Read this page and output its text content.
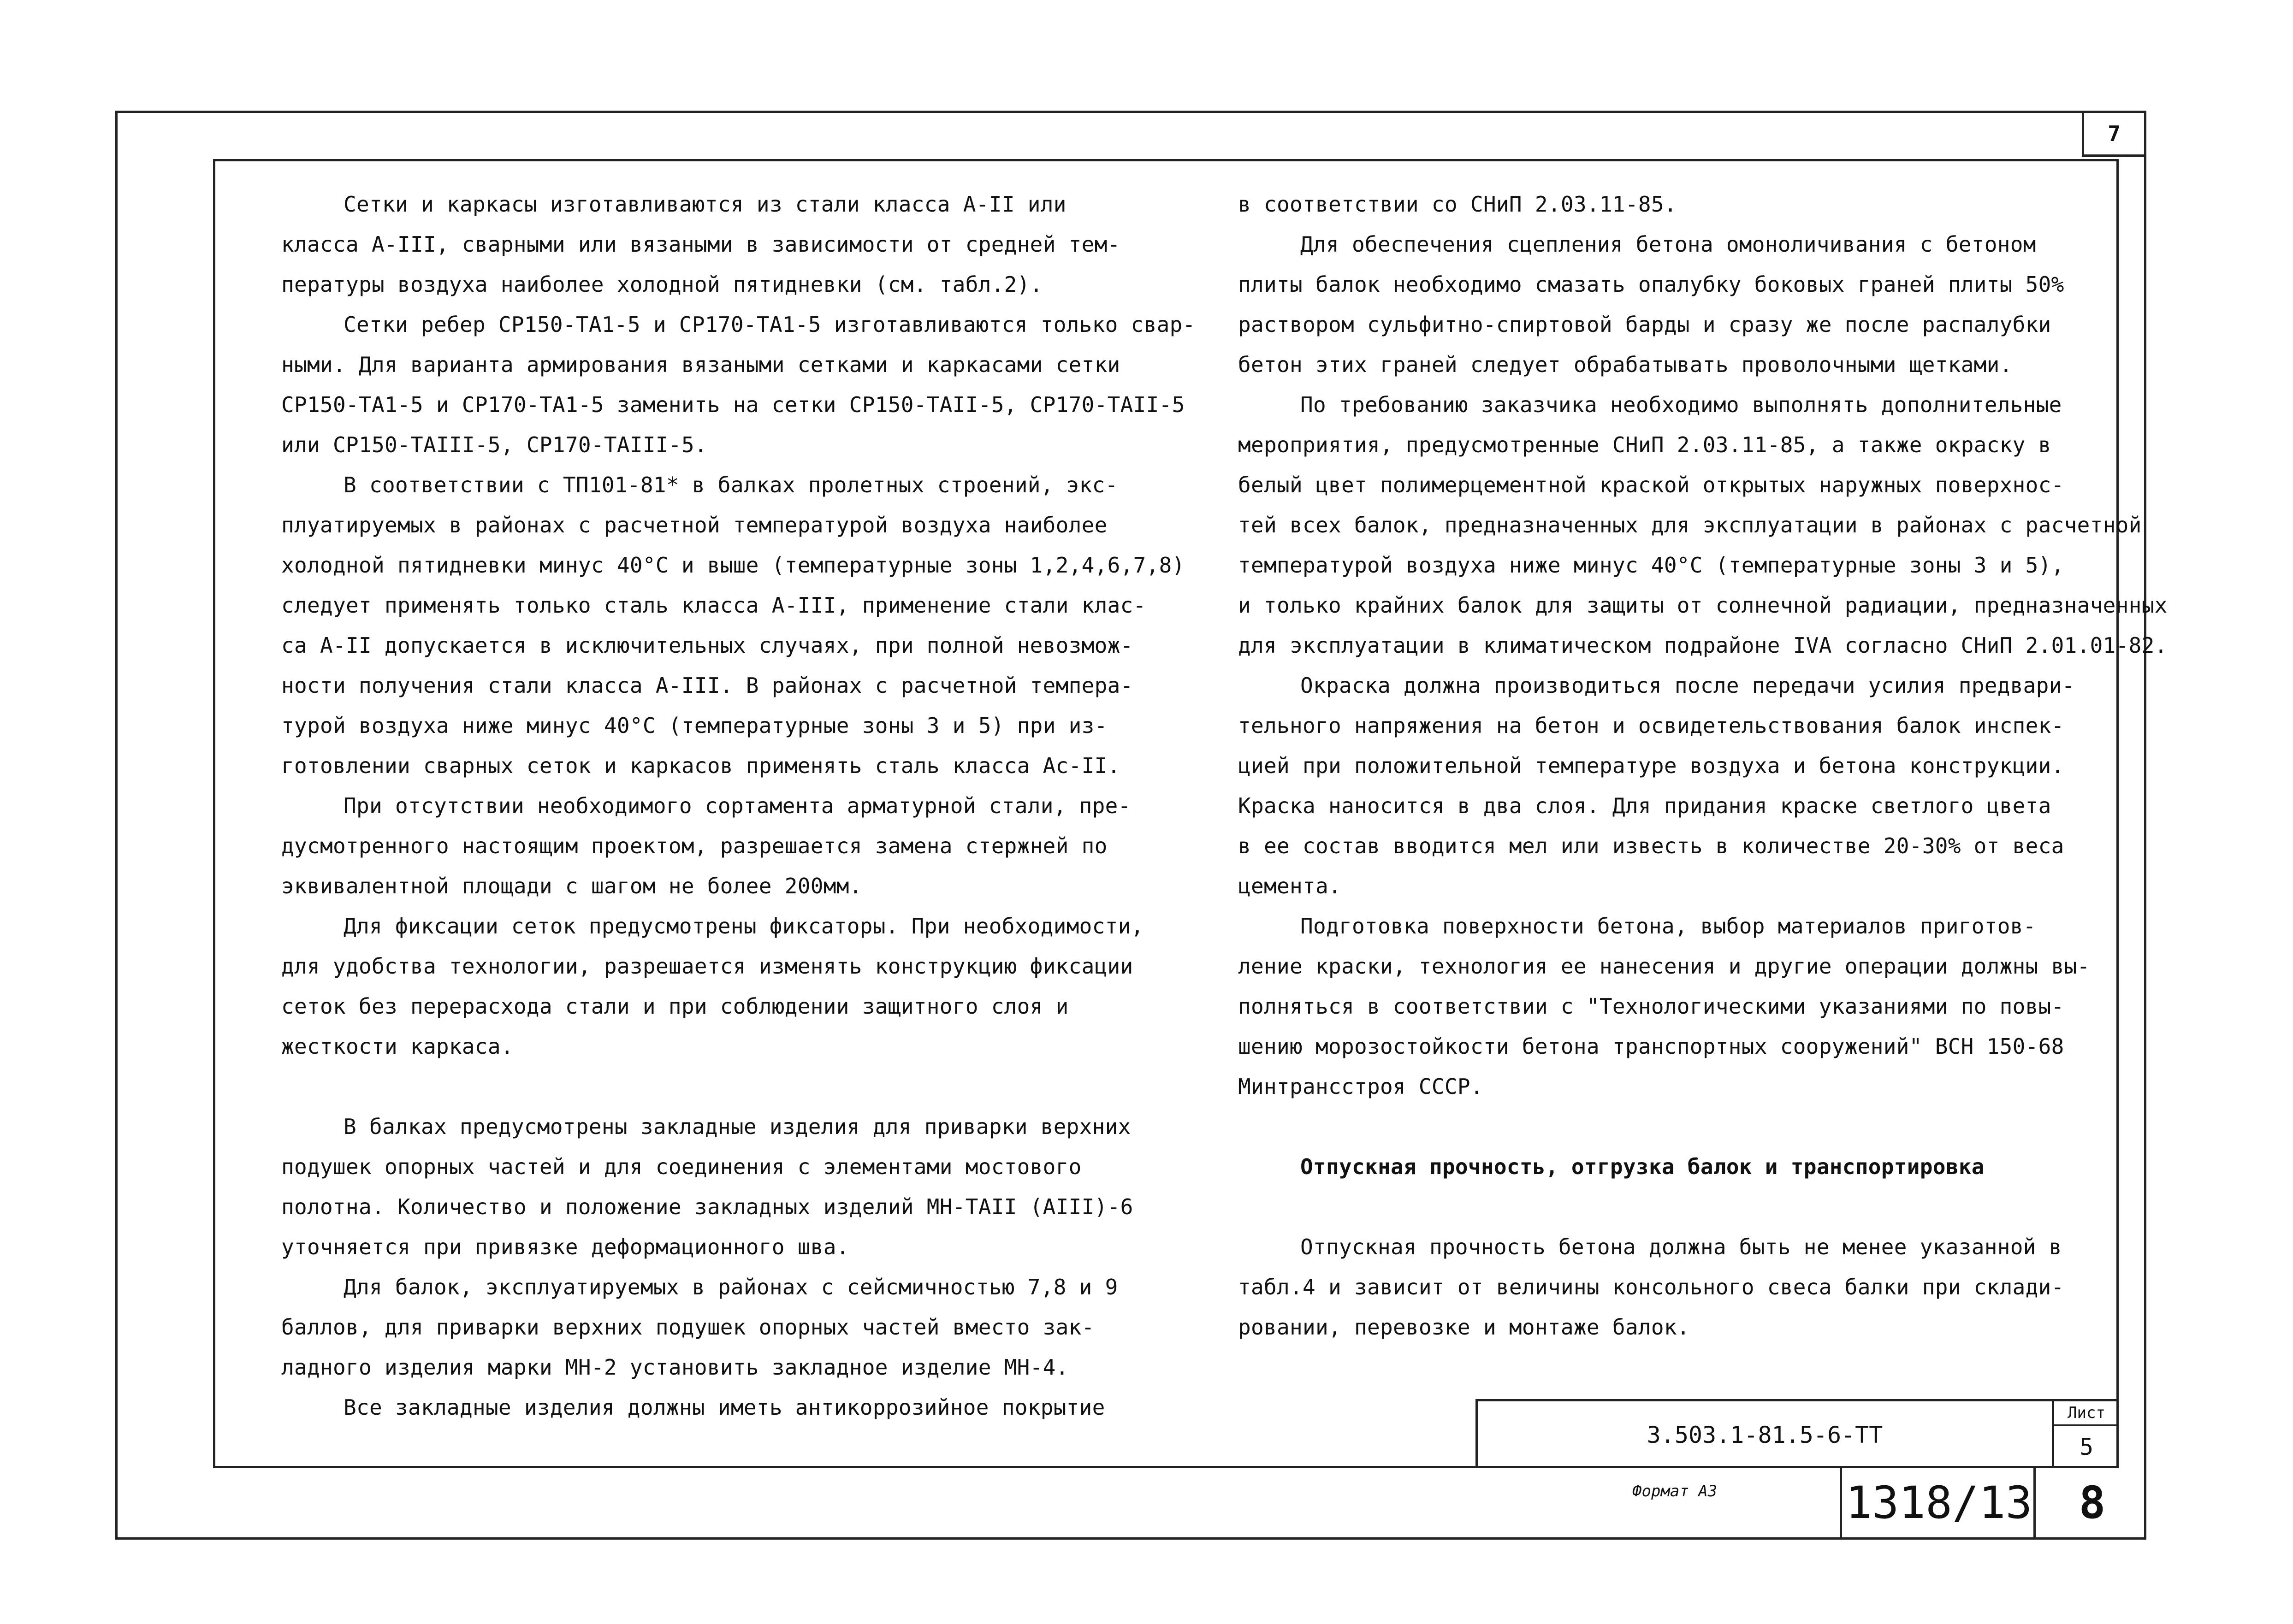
7
Сетки и каркасы изготавливаются из стали класса А-II или
класса А-III, сварными или вязаными в зависимости от средней тем-
пературы воздуха наиболее холодной пятидневки (см. табл.2).
Сетки ребер СР150-ТА1-5 и СР170-ТА1-5 изготавливаются только свар-
ными. Для варианта армирования вязаными сетками и каркасами сетки
СР150-ТА1-5 и СР170-ТА1-5 заменить на сетки СР150-ТАII-5, СР170-ТАII-5
или СР150-ТАIII-5, СР170-ТАIII-5.
В соответствии с ТП101-81* в балках пролетных строений, экс-
плуатируемых в районах с расчетной температурой воздуха наиболее
холодной пятидневки минус 40°С и выше (температурные зоны 1,2,4,6,7,8)
следует применять только сталь класса А-III, применение стали клас-
са А-II допускается в исключительных случаях, при полной невозмож-
ности получения стали класса А-III. В районах с расчетной темпера-
турой воздуха ниже минус 40°С (температурные зоны 3 и 5) при из-
готовлении сварных сеток и каркасов применять сталь класса Ас-II.
При отсутствии необходимого сортамента арматурной стали, пре-
дусмотренного настоящим проектом, разрешается замена стержней по
эквивалентной площади с шагом не более 200мм.
Для фиксации сеток предусмотрены фиксаторы. При необходимости,
для удобства технологии, разрешается изменять конструкцию фиксации
сеток без перерасхода стали и при соблюдении защитного слоя и
жесткости каркаса.
В балках предусмотрены закладные изделия для приварки верхних
подушек опорных частей и для соединения с элементами мостового
полотна. Количество и положение закладных изделий МН-ТАII (АIII)-6
уточняется при привязке деформационного шва.
Для балок, эксплуатируемых в районах с сейсмичностью 7,8 и 9
баллов, для приварки верхних подушек опорных частей вместо зак-
ладного изделия марки МН-2 установить закладное изделие МН-4.
Все закладные изделия должны иметь антикоррозийное покрытие
в соответствии со СНиП 2.03.11-85.
Для обеспечения сцепления бетона омоноличивания с бетоном
плиты балок необходимо смазать опалубку боковых граней плиты 50%
раствором сульфитно-спиртовой барды и сразу же после распалубки
бетон этих граней следует обрабатывать проволочными щетками.
По требованию заказчика необходимо выполнять дополнительные
мероприятия, предусмотренные СНиП 2.03.11-85, а также окраску в
белый цвет полимерцементной краской открытых наружных поверхнос-
тей всех балок, предназначенных для эксплуатации в районах с расчетной
температурой воздуха ниже минус 40°С (температурные зоны 3 и 5),
и только крайних балок для защиты от солнечной радиации, предназначенных
для эксплуатации в климатическом подрайоне IVA согласно СНиП 2.01.01-82.
Окраска должна производиться после передачи усилия предвари-
тельного напряжения на бетон и освидетельствования балок инспек-
цией при положительной температуре воздуха и бетона конструкции.
Краска наносится в два слоя. Для придания краске светлого цвета
в ее состав вводится мел или известь в количестве 20-30% от веса
цемента.
Подготовка поверхности бетона, выбор материалов приготов-
ление краски, технология ее нанесения и другие операции должны вы-
полняться в соответствии с "Технологическими указаниями по повы-
шению морозостойкости бетона транспортных сооружений" ВСН 150-68
Минтрансстроя СССР.
Отпускная прочность, отгрузка балок и транспортировка
Отпускная прочность бетона должна быть не менее указанной в
табл.4 и зависит от величины консольного свеса балки при склади-
ровании, перевозке и монтаже балок.
3.503.1-81.5-6-ТТ
Лист
5
Формат А3	1318/13	8
